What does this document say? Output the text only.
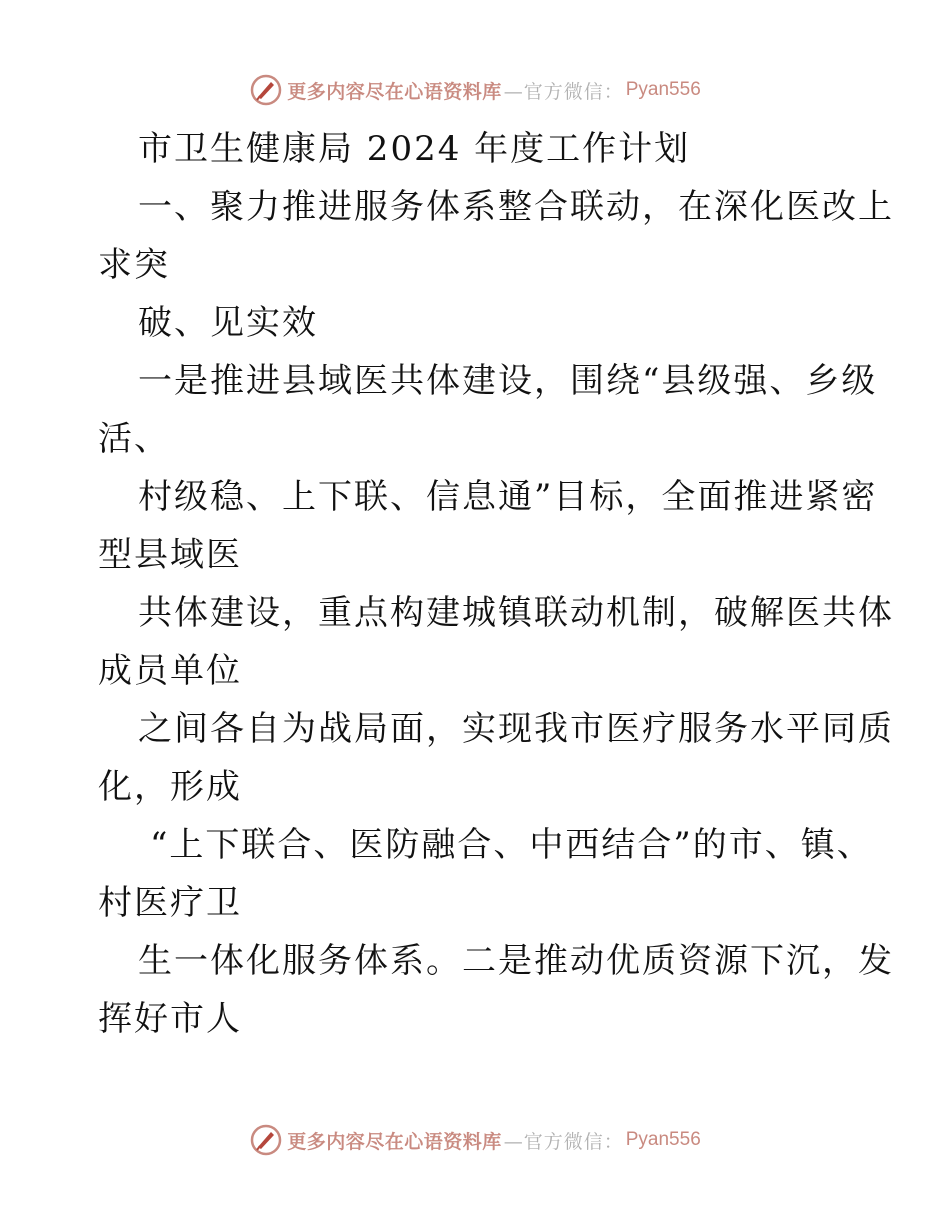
更多内容尽在心语资料库 —官方微信： Pyan556
市卫生健康局 2024 年度工作计划
一、聚力推进服务体系整合联动，在深化医改上
求突
破、见实效
一是推进县域医共体建设，围绕“县级强、乡级
活、
村级稳、上下联、信息通”目标，全面推进紧密
型县域医
共体建设，重点构建城镇联动机制，破解医共体
成员单位
之间各自为战局面，实现我市医疗服务水平同质
化，形成
“上下联合、医防融合、中西结合”的市、镇、
村医疗卫
生一体化服务体系。二是推动优质资源下沉，发
挥好市人
更多内容尽在心语资料库 —官方微信： Pyan556
